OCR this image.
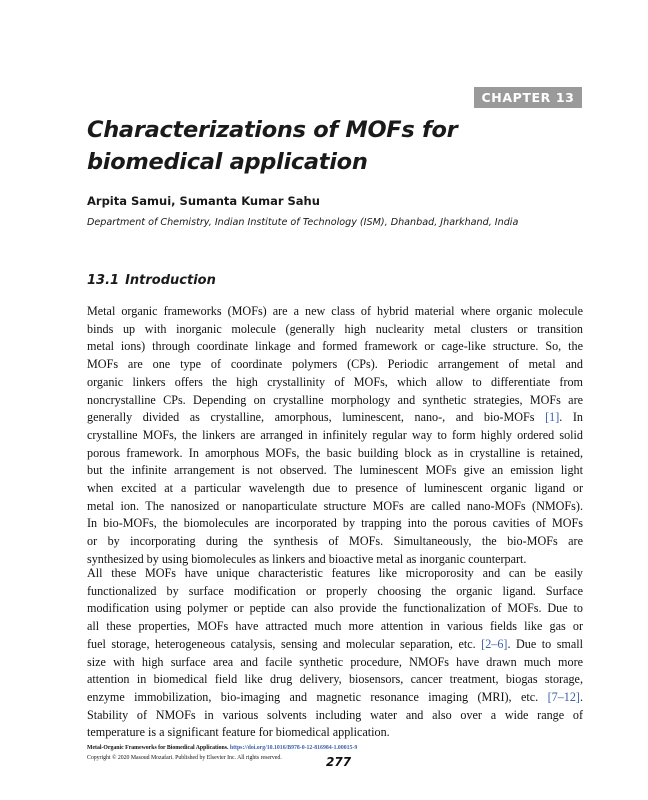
CHAPTER 13
Characterizations of MOFs for
biomedical application

Arpita Samui, Sumanta Kumar Sahu

Department of Chemistry, Indian Institute of Technology (ISM), Dhanbad, Jharkhand, India

13.1 Introduction
Metal organic frameworks (MOFs) are a new class of hybrid material where organic molecule
binds up with inorganic molecule (generally high nuclearity metal clusters or transition
metal ions) through coordinate linkage and formed framework or cage-like structure. So, the
MOFs are one type of coordinate polymers (CPs). Periodic arrangement of metal and
organic linkers offers the high crystallinity of MOFs, which allow to differentiate from
noncrystalline CPs. Depending on crystalline morphology and synthetic strategies, MOFs are
generally divided as crystalline, amorphous, luminescent, nano-, and bio-MOFs [1]. In
crystalline MOFs, the linkers are arranged in infinitely regular way to form highly ordered solid
porous framework. In amorphous MOFs, the basic building block as in crystalline is retained,
but the infinite arrangement is not observed. The luminescent MOFs give an emission light
when excited at a particular wavelength due to presence of luminescent organic ligand or
metal ion. The nanosized or nanoparticulate structure MOFs are called nano-MOFs (NMOFs).
In bio-MOFs, the biomolecules are incorporated by trapping into the porous cavities of MOFs
or by incorporating during the synthesis of MOFs. Simultaneously, the bio-MOFs are
synthesized by using biomolecules as linkers and bioactive metal as inorganic counterpart.
All these MOFs have unique characteristic features like microporosity and can be easily
functionalized by surface modification or properly choosing the organic ligand. Surface
modification using polymer or peptide can also provide the functionalization of MOFs. Due to
all these properties, MOFs have attracted much more attention in various fields like gas or
fuel storage, heterogeneous catalysis, sensing and molecular separation, etc. [2–6]. Due to small
size with high surface area and facile synthetic procedure, NMOFs have drawn much more
attention in biomedical field like drug delivery, biosensors, cancer treatment, biogas storage,
enzyme immobilization, bio-imaging and magnetic resonance imaging (MRI), etc. [7–12].
Stability of NMOFs in various solvents including water and also over a wide range of
temperature is a significant feature for biomedical application.

Metal-Organic Frameworks for Biomedical Applications. https://doi.org/10.1016/B978-0-12-816984-1.00015-9

Copyright © 2020 Masoud Mozafari. Published by Elsevier Inc. All rights reserved.	277
